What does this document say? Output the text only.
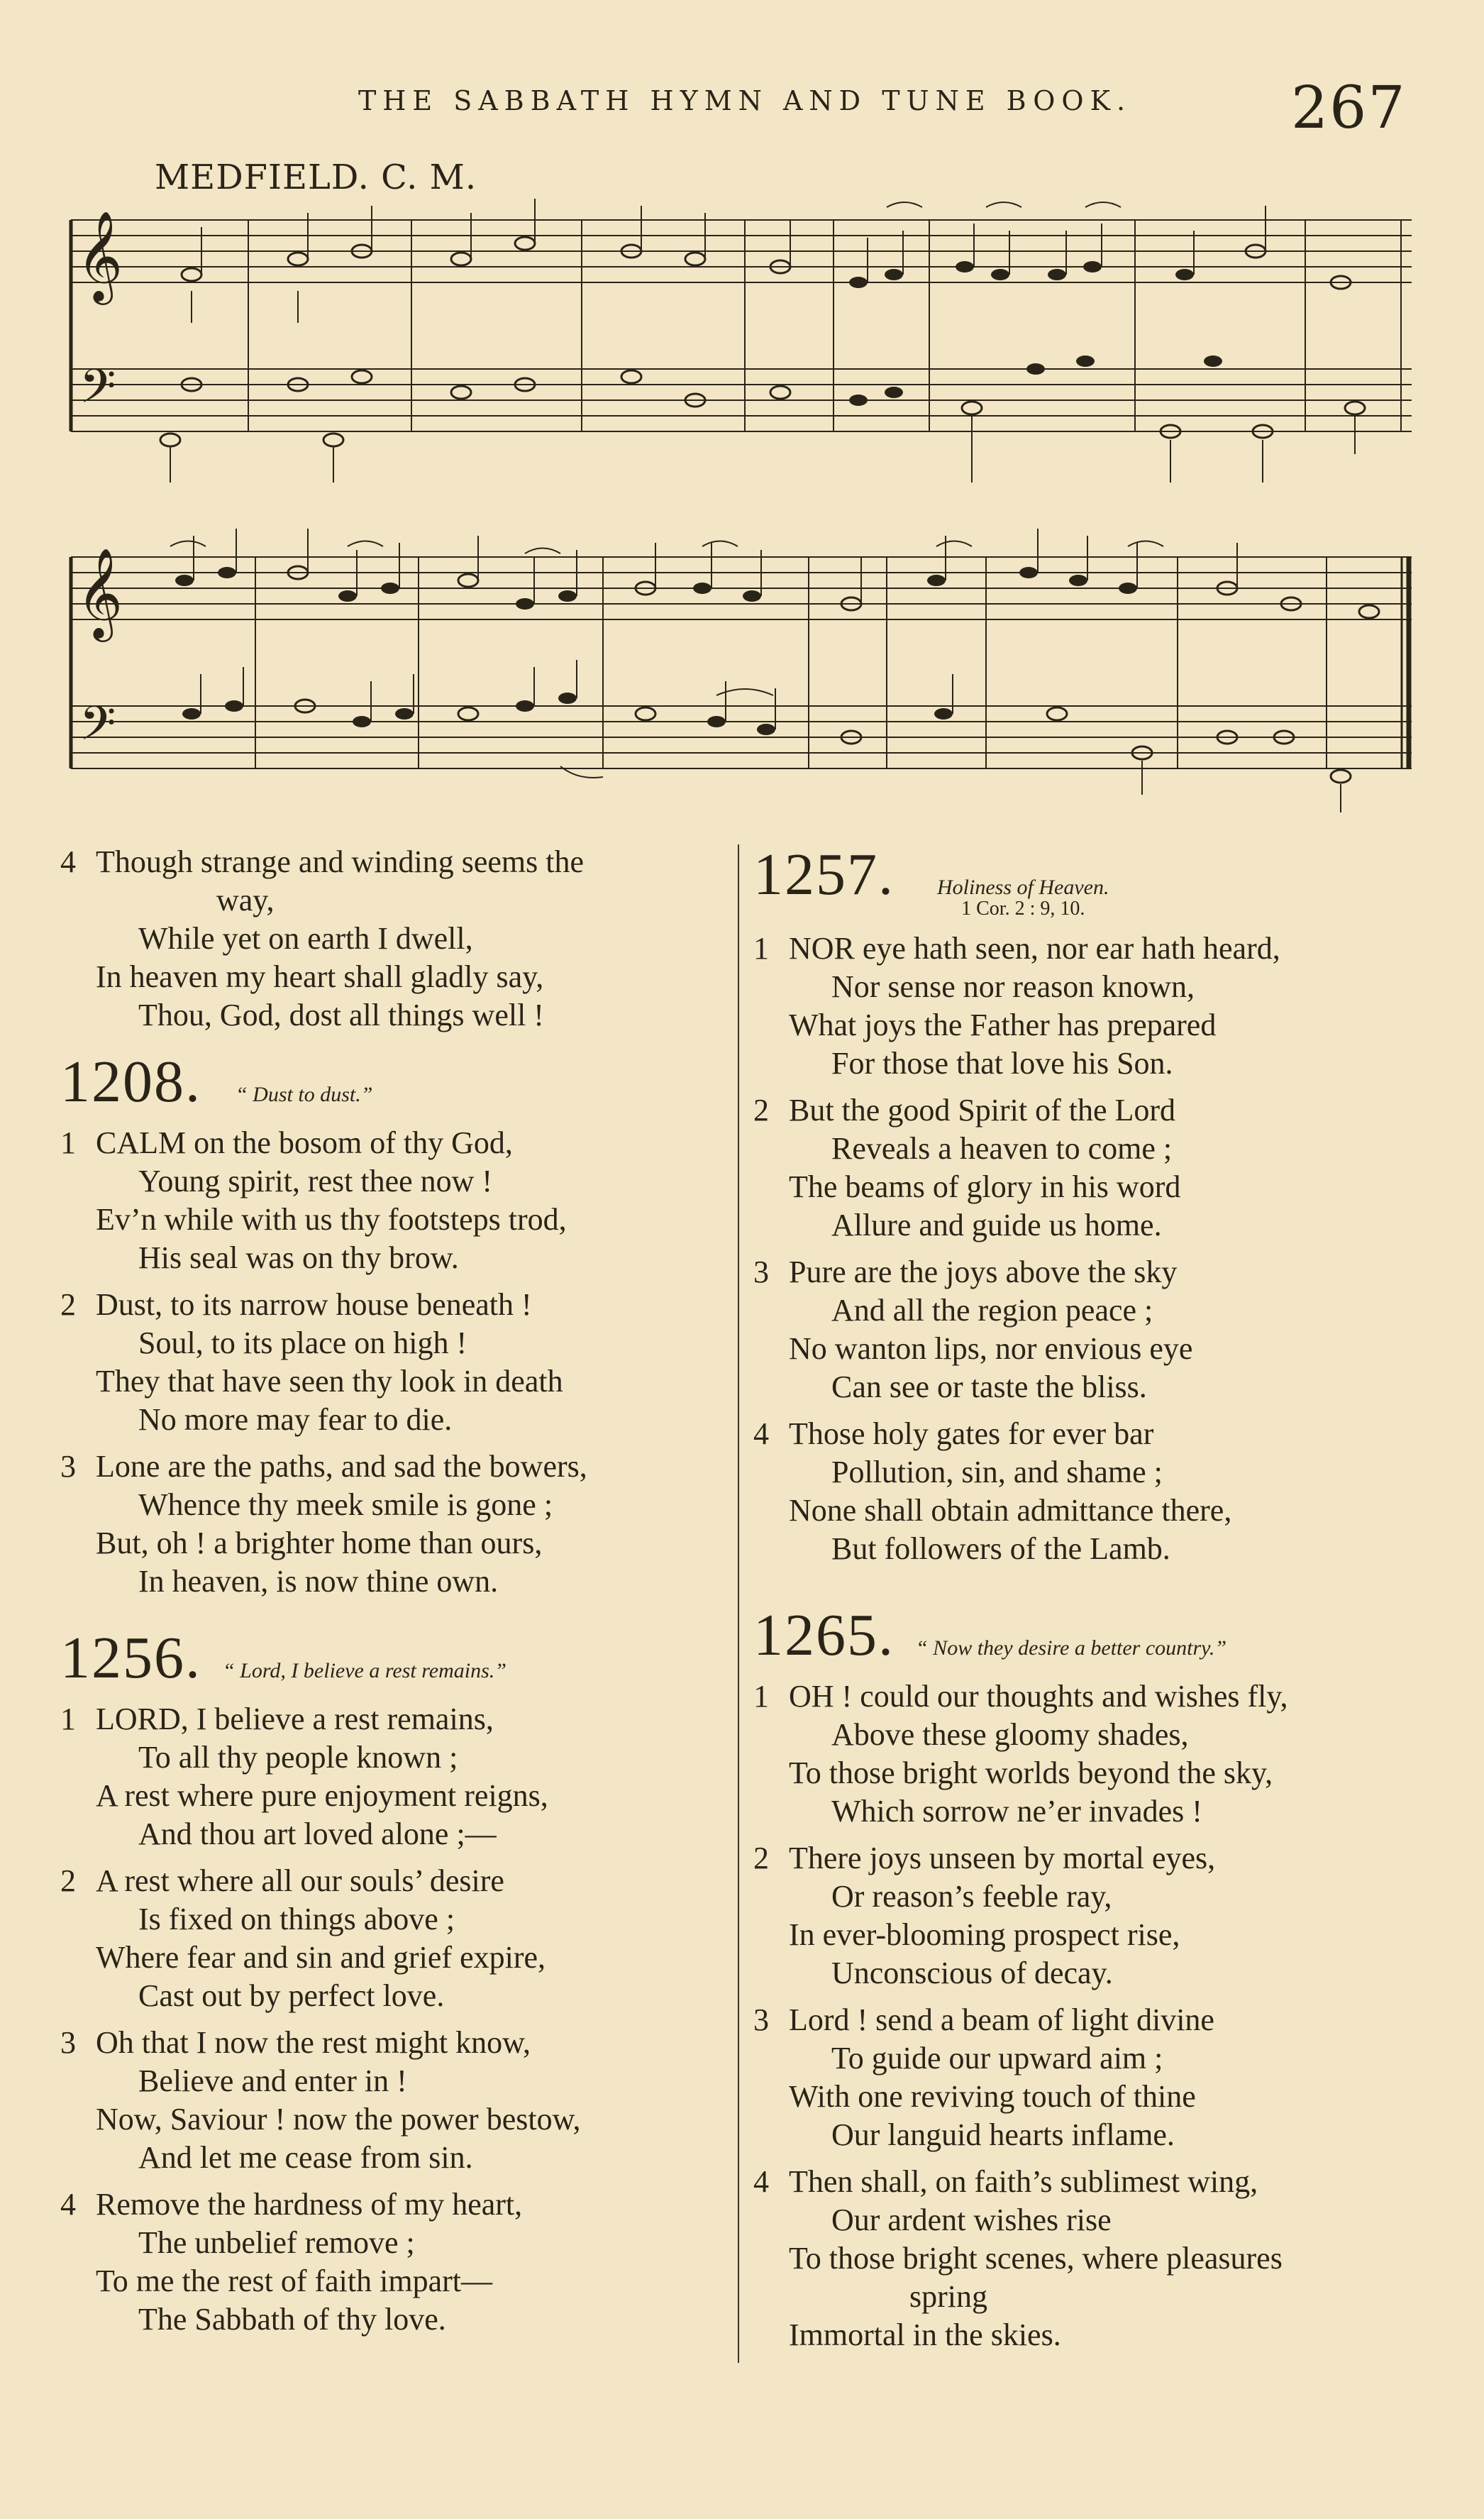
THE SABBATH HYMN AND TUNE BOOK.	267
MEDFIELD. C. M.
𝄞
𝄢
𝄞
𝄢
4 Though strange and winding seems the
way,
While yet on earth I dwell,
In heaven my heart shall gladly say,
Thou, God, dost all things well !
1208. “ Dust to dust.”
1 CALM on the bosom of thy God,
Young spirit, rest thee now !
Ev’n while with us thy footsteps trod,
His seal was on thy brow.
2 Dust, to its narrow house beneath !
Soul, to its place on high !
They that have seen thy look in death
No more may fear to die.
3 Lone are the paths, and sad the bowers,
Whence thy meek smile is gone ;
But, oh ! a brighter home than ours,
In heaven, is now thine own.
1256. “ Lord, I believe a rest remains.”
1 LORD, I believe a rest remains,
To all thy people known ;
A rest where pure enjoyment reigns,
And thou art loved alone ;—
2 A rest where all our souls’ desire
Is fixed on things above ;
Where fear and sin and grief expire,
Cast out by perfect love.
3 Oh that I now the rest might know,
Believe and enter in !
Now, Saviour ! now the power bestow,
And let me cease from sin.
4 Remove the hardness of my heart,
The unbelief remove ;
To me the rest of faith impart—
The Sabbath of thy love.
1257. Holiness of Heaven.
1 Cor. 2 : 9, 10.
1 NOR eye hath seen, nor ear hath heard,
Nor sense nor reason known,
What joys the Father has prepared
For those that love his Son.
2 But the good Spirit of the Lord
Reveals a heaven to come ;
The beams of glory in his word
Allure and guide us home.
3 Pure are the joys above the sky
And all the region peace ;
No wanton lips, nor envious eye
Can see or taste the bliss.
4 Those holy gates for ever bar
Pollution, sin, and shame ;
None shall obtain admittance there,
But followers of the Lamb.
1265. “ Now they desire a better country.”
1 OH ! could our thoughts and wishes fly,
Above these gloomy shades,
To those bright worlds beyond the sky,
Which sorrow ne’er invades !
2 There joys unseen by mortal eyes,
Or reason’s feeble ray,
In ever-blooming prospect rise,
Unconscious of decay.
3 Lord ! send a beam of light divine
To guide our upward aim ;
With one reviving touch of thine
Our languid hearts inflame.
4 Then shall, on faith’s sublimest wing,
Our ardent wishes rise
To those bright scenes, where pleasures
spring
Immortal in the skies.
